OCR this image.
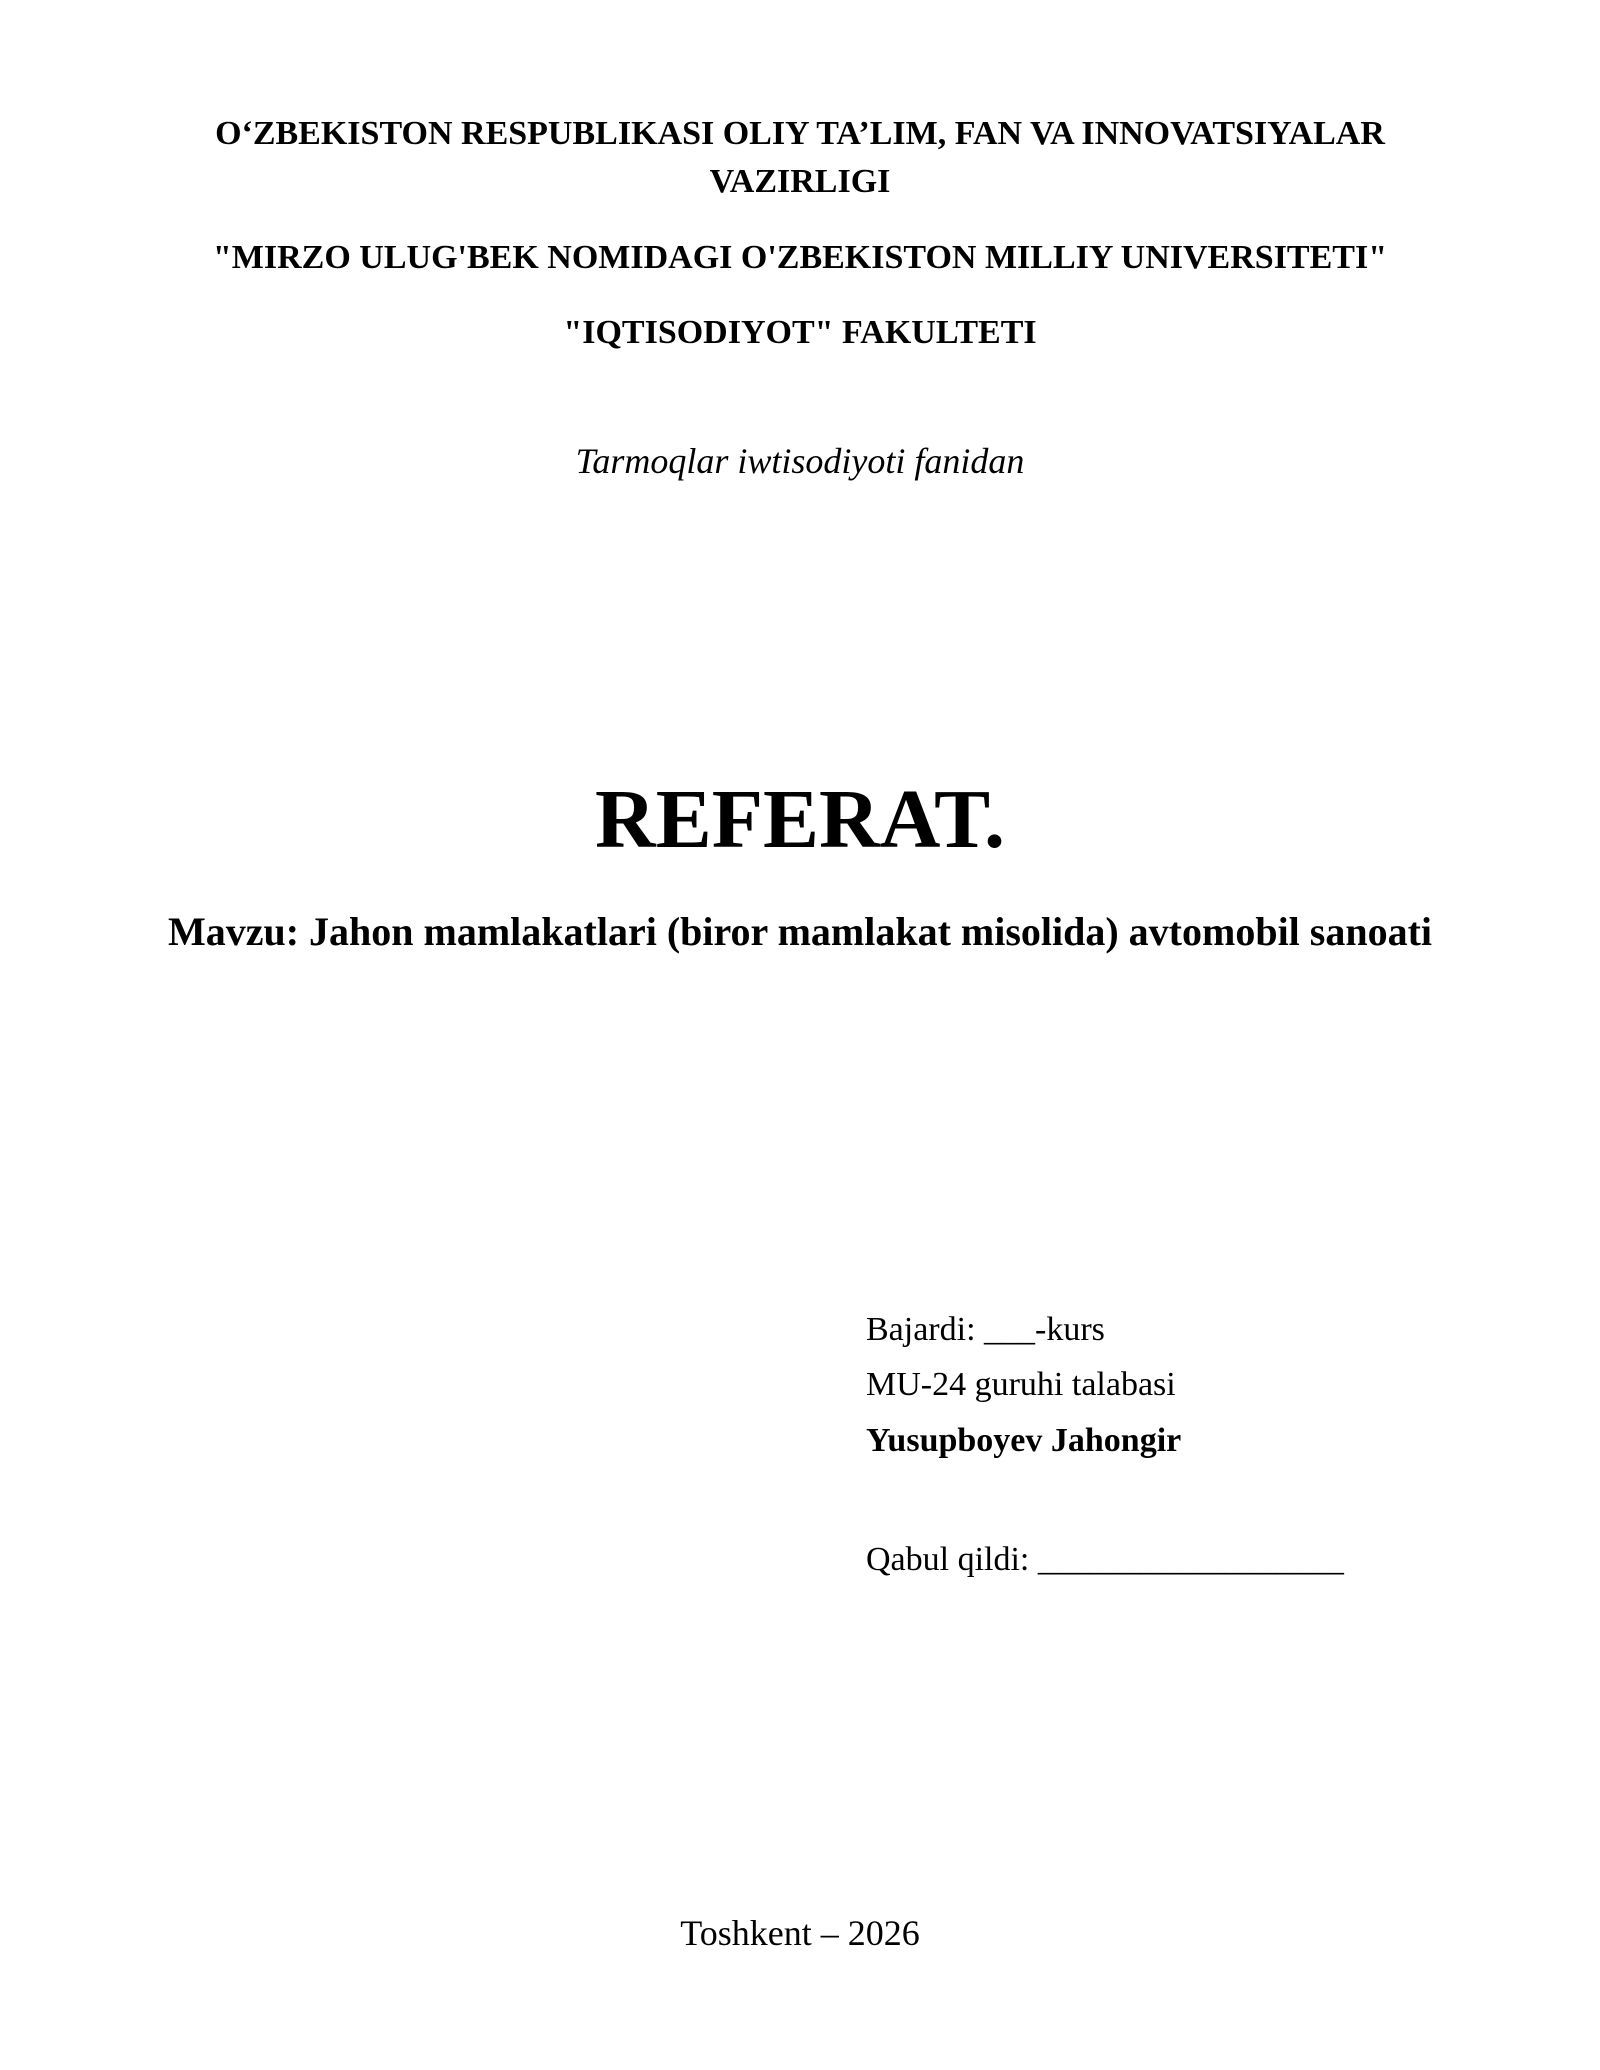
O‘ZBEKISTON RESPUBLIKASI OLIY TA’LIM, FAN VA INNOVATSIYALAR VAZIRLIGI
"MIRZO ULUG'BEK NOMIDAGI O'ZBEKISTON MILLIY UNIVERSITETI"
"IQTISODIYOT" FAKULTETI
Tarmoqlar iwtisodiyoti fanidan
REFERAT.
Mavzu: Jahon mamlakatlari (biror mamlakat misolida) avtomobil sanoati
Bajardi: ___-kurs
MU-24 guruhi talabasi
Yusupboyev Jahongir
Qabul qildi: __________________
Toshkent – 2026
